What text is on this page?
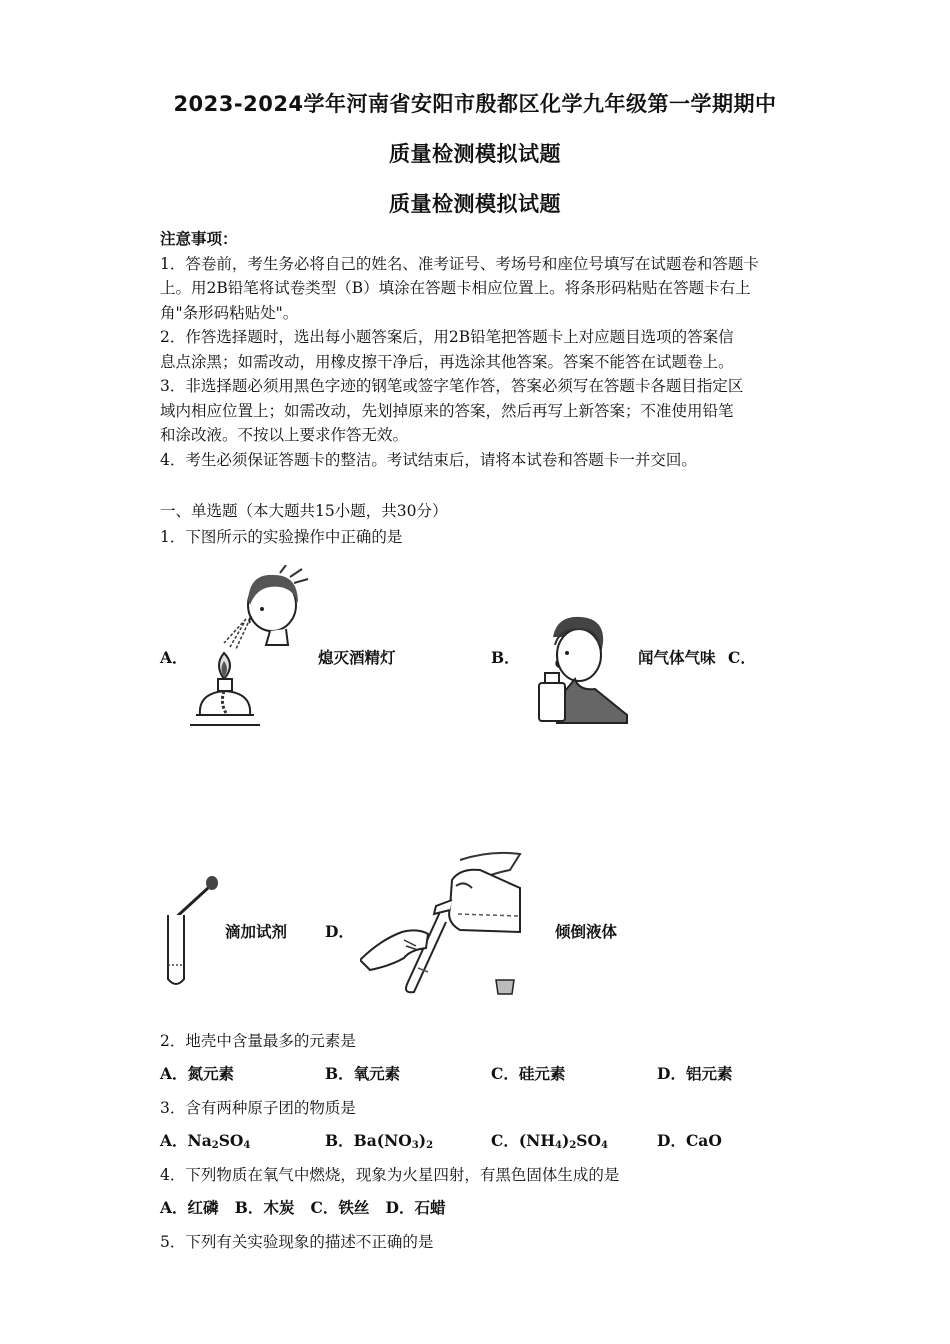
2023-2024学年河南省安阳市殷都区化学九年级第一学期期中
质量检测模拟试题
质量检测模拟试题
注意事项：
1．答卷前，考生务必将自己的姓名、准考证号、考场号和座位号填写在试题卷和答题卡
上。用2B铅笔将试卷类型（B）填涂在答题卡相应位置上。将条形码粘贴在答题卡右上
角"条形码粘贴处"。
2．作答选择题时，选出每小题答案后，用2B铅笔把答题卡上对应题目选项的答案信
息点涂黑；如需改动，用橡皮擦干净后，再选涂其他答案。答案不能答在试题卷上。
3．非选择题必须用黑色字迹的钢笔或签字笔作答，答案必须写在答题卡各题目指定区
域内相应位置上；如需改动，先划掉原来的答案，然后再写上新答案；不准使用铅笔
和涂改液。不按以上要求作答无效。
4．考生必须保证答题卡的整洁。考试结束后，请将本试卷和答题卡一并交回。
一、单选题（本大题共15小题，共30分）
1．下图所示的实验操作中正确的是
A．	熄灭酒精灯	B．	闻气体气味 C．
滴加试剂 D．	倾倒液体
2．地壳中含量最多的元素是
A．氮元素	B．氧元素	C．硅元素	D．铝元素
3．含有两种原子团的物质是
A．$Na_2SO_4$	B．$Ba(NO_3)_2$	C．$(NH_4)_2SO_4$	D．CaO
4．下列物质在氧气中燃烧，现象为火星四射，有黑色固体生成的是
A．红磷   B．木炭   C．铁丝   D．石蜡
5．下列有关实验现象的描述不正确的是
